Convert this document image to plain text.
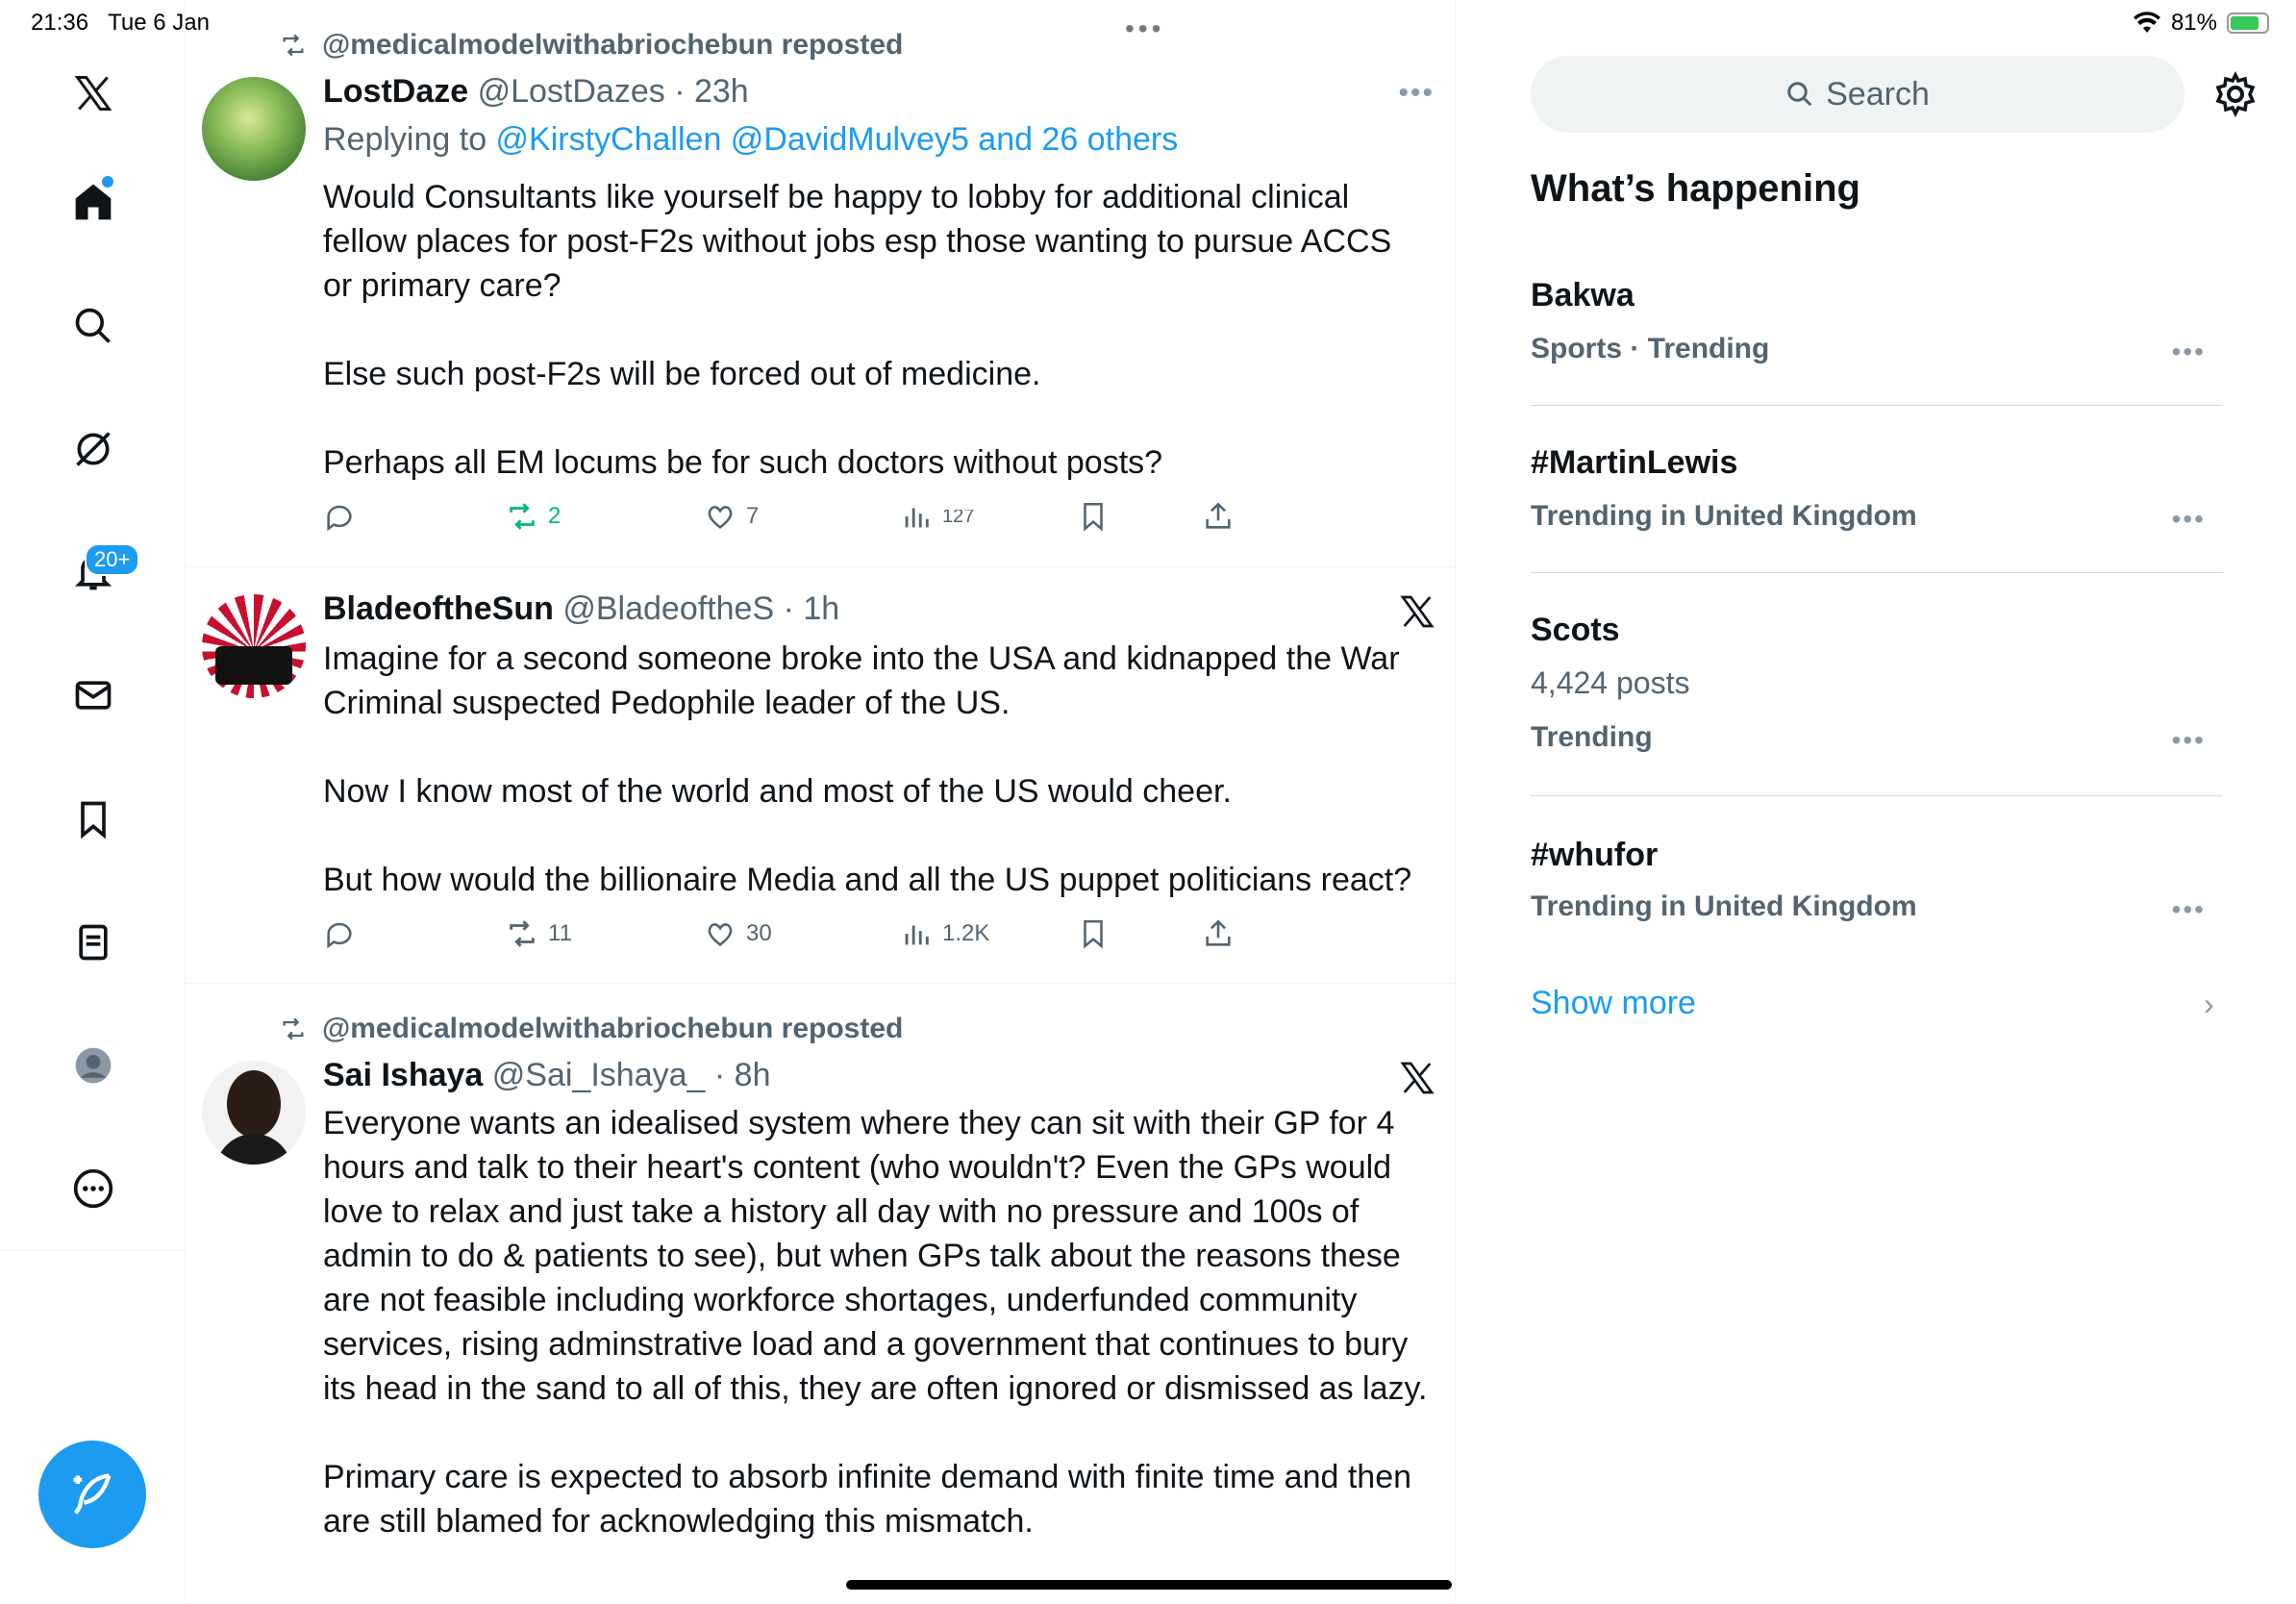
21:36 Tue 6 Jan	81%
•••
20+
@medicalmodelwithabriochebun reposted
LostDaze @LostDazes · 23h	•••
Replying to @KirstyChallen @DavidMulvey5 and 26 others
Would Consultants like yourself be happy to lobby for additional clinical
fellow places for post-F2s without jobs esp those wanting to pursue ACCS
or primary care?

Else such post-F2s will be forced out of medicine.

Perhaps all EM locums be for such doctors without posts?
2	7	127
BladeoftheSun @BladeoftheS · 1h
Imagine for a second someone broke into the USA and kidnapped the War
Criminal suspected Pedophile leader of the US.

Now I know most of the world and most of the US would cheer.

But how would the billionaire Media and all the US puppet politicians react?
11	30	1.2K
@medicalmodelwithabriochebun reposted
Sai Ishaya @Sai_Ishaya_ · 8h
Everyone wants an idealised system where they can sit with their GP for 4
hours and talk to their heart's content (who wouldn't? Even the GPs would
love to relax and just take a history all day with no pressure and 100s of
admin to do & patients to see), but when GPs talk about the reasons these
are not feasible including workforce shortages, underfunded community
services, rising adminstrative load and a government that continues to bury
its head in the sand to all of this, they are often ignored or dismissed as lazy.

Primary care is expected to absorb infinite demand with finite time and then
are still blamed for acknowledging this mismatch.
Search
What’s happening
Bakwa
Sports · Trending	•••
#MartinLewis
Trending in United Kingdom	•••
Scots
4,424 posts
Trending	•••
#whufor
Trending in United Kingdom	•••
Show more	›
